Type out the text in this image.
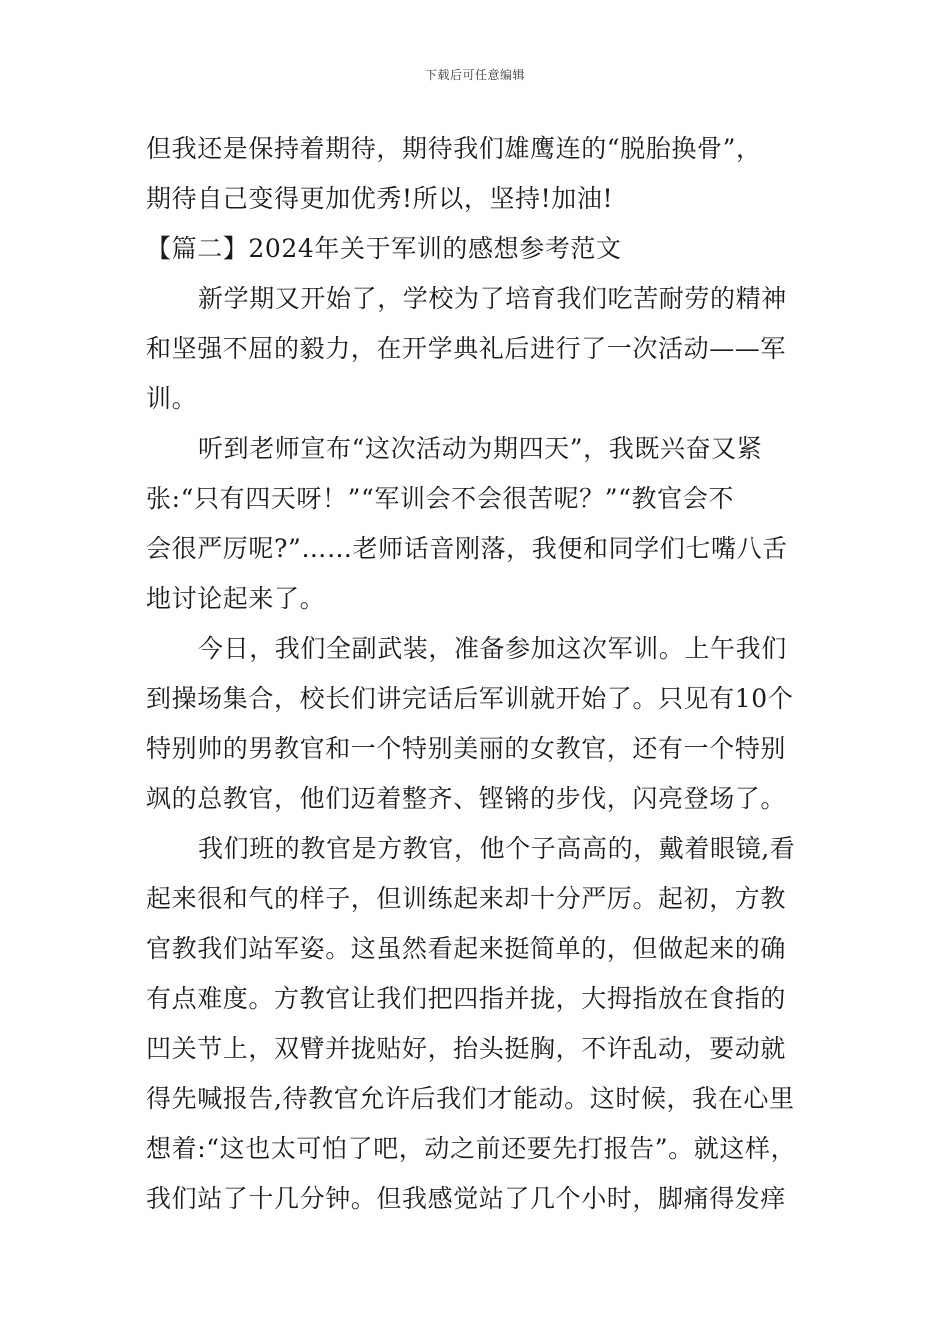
下载后可任意编辑
但我还是保持着期待，期待我们雄鹰连的“脱胎换骨”，
期待自己变得更加优秀!所以，坚持!加油!
【篇二】2024年关于军训的感想参考范文
新学期又开始了，学校为了培育我们吃苦耐劳的精神
和坚强不屈的毅力，在开学典礼后进行了一次活动——军
训。
听到老师宣布“这次活动为期四天”，我既兴奋又紧
张:“只有四天呀！”“军训会不会很苦呢？”“教官会不
会很严厉呢?”……老师话音刚落，我便和同学们七嘴八舌
地讨论起来了。
今日，我们全副武装，准备参加这次军训。上午我们
到操场集合，校长们讲完话后军训就开始了。只见有10个
特别帅的男教官和一个特别美丽的女教官，还有一个特别
飒的总教官，他们迈着整齐、铿锵的步伐，闪亮登场了。
我们班的教官是方教官，他个子高高的，戴着眼镜,看
起来很和气的样子，但训练起来却十分严厉。起初，方教
官教我们站军姿。这虽然看起来挺简单的，但做起来的确
有点难度。方教官让我们把四指并拢，大拇指放在食指的
凹关节上，双臂并拢贴好，抬头挺胸，不许乱动，要动就
得先喊报告,待教官允许后我们才能动。这时候，我在心里
想着:“这也太可怕了吧，动之前还要先打报告”。就这样，
我们站了十几分钟。但我感觉站了几个小时，脚痛得发痒
